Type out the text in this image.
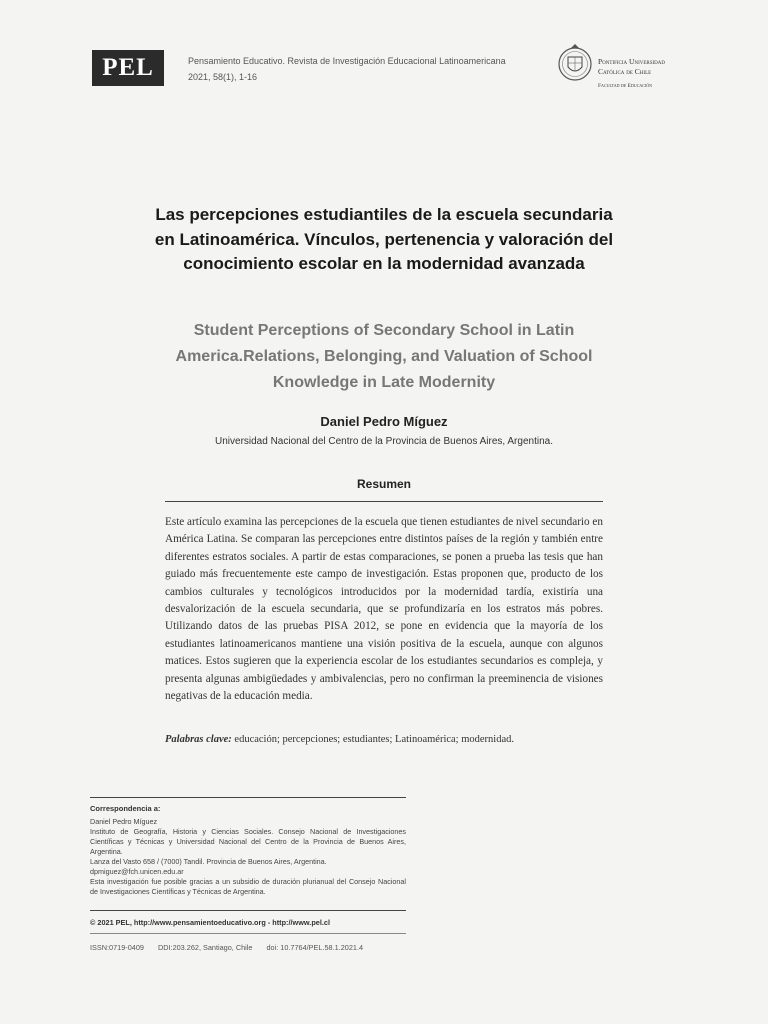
PEL	Pensamiento Educativo. Revista de Investigación Educacional Latinoamericana
2021, 58(1), 1-16
Pontificia Universidad
Católica de Chile
Facultad de Educación
Las percepciones estudiantiles de la escuela secundaria en Latinoamérica. Vínculos, pertenencia y valoración del conocimiento escolar en la modernidad avanzada
Student Perceptions of Secondary School in Latin America.Relations, Belonging, and Valuation of School Knowledge in Late Modernity
Daniel Pedro Míguez
Universidad Nacional del Centro de la Provincia de Buenos Aires, Argentina.
Resumen
Este artículo examina las percepciones de la escuela que tienen estudiantes de nivel secundario en América Latina. Se comparan las percepciones entre distintos países de la región y también entre diferentes estratos sociales. A partir de estas comparaciones, se ponen a prueba las tesis que han guiado más frecuentemente este campo de investigación. Estas proponen que, producto de los cambios culturales y tecnológicos introducidos por la modernidad tardía, existiría una desvalorización de la escuela secundaria, que se profundizaría en los estratos más pobres. Utilizando datos de las pruebas PISA 2012, se pone en evidencia que la mayoría de los estudiantes latinoamericanos mantiene una visión positiva de la escuela, aunque con algunos matices. Estos sugieren que la experiencia escolar de los estudiantes secundarios es compleja, y presenta algunas ambigüedades y ambivalencias, pero no confirman la preeminencia de visiones negativas de la educación media.
Palabras clave: educación; percepciones; estudiantes; Latinoamérica; modernidad.
Correspondencia a:
Daniel Pedro Míguez
Instituto de Geografía, Historia y Ciencias Sociales. Consejo Nacional de Investigaciones Científicas y Técnicas y Universidad Nacional del Centro de la Provincia de Buenos Aires, Argentina.
Lanza del Vasto 658 / (7000) Tandil. Provincia de Buenos Aires, Argentina.
dpmiguez@fch.unicen.edu.ar
Esta investigación fue posible gracias a un subsidio de duración plurianual del Consejo Nacional de Investigaciones Científicas y Técnicas de Argentina.
© 2021 PEL, http://www.pensamientoeducativo.org - http://www.pel.cl
ISSN:0719-0409 DDI:203.262, Santiago, Chile doi: 10.7764/PEL.58.1.2021.4
